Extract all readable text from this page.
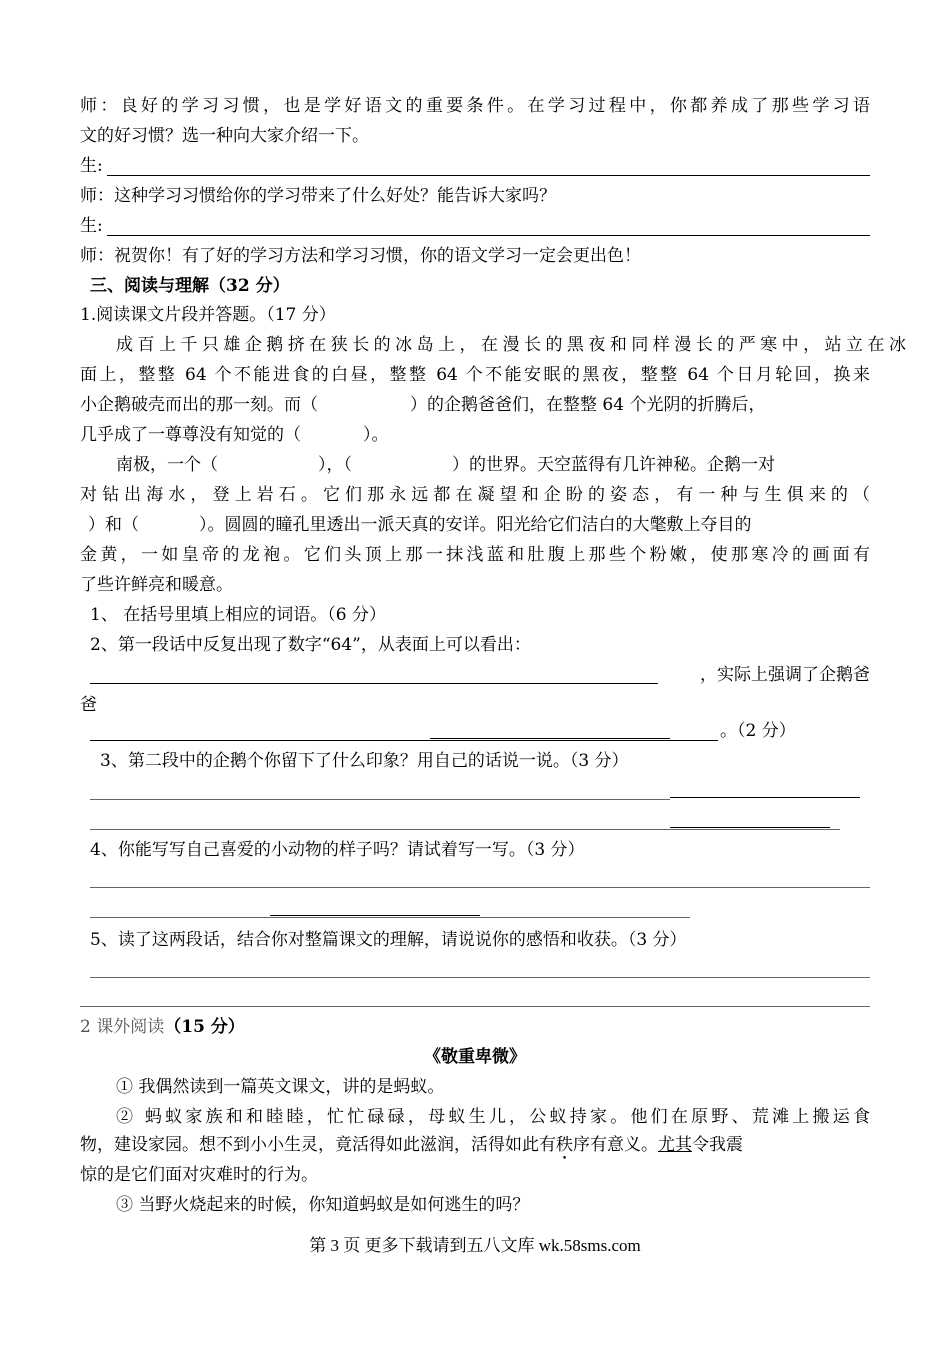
师：良好的学习习惯，也是学好语文的重要条件。在学习过程中，你都养成了那些学习语
文的好习惯？选一种向大家介绍一下。
生:
师：这种学习习惯给你的学习带来了什么好处？能告诉大家吗？
生:
师：祝贺你！有了好的学习方法和学习习惯，你的语文学习一定会更出色！
三、阅读与理解（32 分）
1.阅读课文片段并答题。（17 分）
成百上千只雄企鹅挤在狭长的冰岛上，在漫长的黑夜和同样漫长的严寒中，站立在冰
面上，整整 64 个不能进食的白昼，整整 64 个不能安眠的黑夜，整整 64 个日月轮回，换来
小企鹅破壳而出的那一刻。而（	）的企鹅爸爸们，在整整 64 个光阴的折腾后，
几乎成了一尊尊没有知觉的（	）。
南极，一个（	），（	）的世界。天空蓝得有几许神秘。企鹅一对
对钻出海水，登上岩石。它们那永远都在凝望和企盼的姿态，有一种与生俱来的（
）和（	）。圆圆的瞳孔里透出一派天真的安详。阳光给它们洁白的大氅敷上夺目的
金黄，一如皇帝的龙袍。它们头顶上那一抹浅蓝和肚腹上那些个粉嫩，使那寒冷的画面有
了些许鲜亮和暖意。
1、 在括号里填上相应的词语。（6 分）
2、第一段话中反复出现了数字“64”，从表面上可以看出：
，实际上强调了企鹅爸
爸
。（2 分）
3、第二段中的企鹅个你留下了什么印象？用自己的话说一说。（3 分）
4、你能写写自己喜爱的小动物的样子吗？请试着写一写。（3 分）
5、读了这两段话，结合你对整篇课文的理解，请说说你的感悟和收获。（3 分）
2 课外阅读（15 分）
《敬重卑微》
① 我偶然读到一篇英文课文，讲的是蚂蚁。
② 蚂蚁家族和和睦睦，忙忙碌碌，母蚁生儿，公蚁持家。他们在原野、荒滩上搬运食
物，建设家园。想不到小小生灵，竟活得如此滋润，活得如此有秩序有意义。尤其令我震
惊的是它们面对灾难时的行为。
③ 当野火烧起来的时候，你知道蚂蚁是如何逃生的吗？
第 3 页 更多下载请到五八文库 wk.58sms.com
